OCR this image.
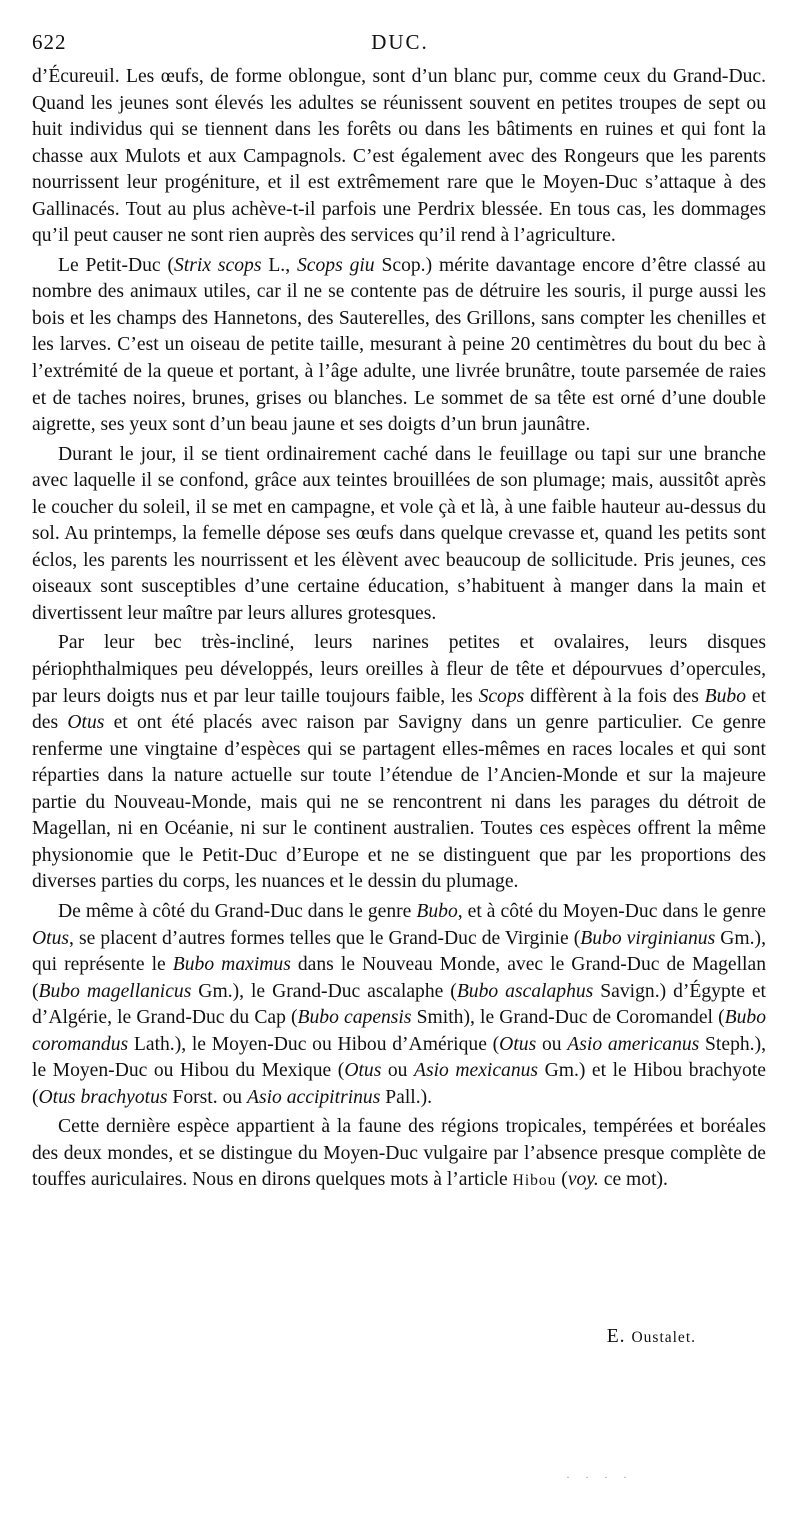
622	DUC.

d’Écureuil. Les œufs, de forme oblongue, sont d’un blanc pur, comme ceux du Grand-Duc. Quand les jeunes sont élevés les adultes se réunissent souvent en petites troupes de sept ou huit individus qui se tiennent dans les forêts ou dans les bâtiments en ruines et qui font la chasse aux Mulots et aux Campagnols. C’est également avec des Rongeurs que les parents nourrissent leur progéniture, et il est extrêmement rare que le Moyen-Duc s’attaque à des Gallinacés. Tout au plus achève-t-il parfois une Perdrix blessée. En tous cas, les dommages qu’il peut causer ne sont rien auprès des services qu’il rend à l’agriculture.

Le Petit-Duc (Strix scops L., Scops giu Scop.) mérite davantage encore d’être classé au nombre des animaux utiles, car il ne se contente pas de détruire les souris, il purge aussi les bois et les champs des Hannetons, des Sauterelles, des Grillons, sans compter les chenilles et les larves. C’est un oiseau de petite taille, mesurant à peine 20 centimètres du bout du bec à l’extrémité de la queue et portant, à l’âge adulte, une livrée brunâtre, toute parsemée de raies et de taches noires, brunes, grises ou blanches. Le sommet de sa tête est orné d’une double aigrette, ses yeux sont d’un beau jaune et ses doigts d’un brun jaunâtre.

Durant le jour, il se tient ordinairement caché dans le feuillage ou tapi sur une branche avec laquelle il se confond, grâce aux teintes brouillées de son plumage; mais, aussitôt après le coucher du soleil, il se met en campagne, et vole çà et là, à une faible hauteur au-dessus du sol. Au printemps, la femelle dépose ses œufs dans quelque crevasse et, quand les petits sont éclos, les parents les nourrissent et les élèvent avec beaucoup de sollicitude. Pris jeunes, ces oiseaux sont susceptibles d’une certaine éducation, s’habituent à manger dans la main et divertissent leur maître par leurs allures grotesques.

Par leur bec très-incliné, leurs narines petites et ovalaires, leurs disques périophthalmiques peu développés, leurs oreilles à fleur de tête et dépourvues d’opercules, par leurs doigts nus et par leur taille toujours faible, les Scops diffèrent à la fois des Bubo et des Otus et ont été placés avec raison par Savigny dans un genre particulier. Ce genre renferme une vingtaine d’espèces qui se partagent elles-mêmes en races locales et qui sont réparties dans la nature actuelle sur toute l’étendue de l’Ancien-Monde et sur la majeure partie du Nouveau-Monde, mais qui ne se rencontrent ni dans les parages du détroit de Magellan, ni en Océanie, ni sur le continent australien. Toutes ces espèces offrent la même physionomie que le Petit-Duc d’Europe et ne se distinguent que par les proportions des diverses parties du corps, les nuances et le dessin du plumage.

De même à côté du Grand-Duc dans le genre Bubo, et à côté du Moyen-Duc dans le genre Otus, se placent d’autres formes telles que le Grand-Duc de Virginie (Bubo virginianus Gm.), qui représente le Bubo maximus dans le Nouveau Monde, avec le Grand-Duc de Magellan (Bubo magellanicus Gm.), le Grand-Duc ascalaphe (Bubo ascalaphus Savign.) d’Égypte et d’Algérie, le Grand-Duc du Cap (Bubo capensis Smith), le Grand-Duc de Coromandel (Bubo coromandus Lath.), le Moyen-Duc ou Hibou d’Amérique (Otus ou Asio americanus Steph.), le Moyen-Duc ou Hibou du Mexique (Otus ou Asio mexicanus Gm.) et le Hibou brachyote (Otus brachyotus Forst. ou Asio accipitrinus Pall.).

Cette dernière espèce appartient à la faune des régions tropicales, tempérées et boréales des deux mondes, et se distingue du Moyen-Duc vulgaire par l’absence presque complète de touffes auriculaires. Nous en dirons quelques mots à l’article Hibou (voy. ce mot).

E. Oustalet.
· · · ·
